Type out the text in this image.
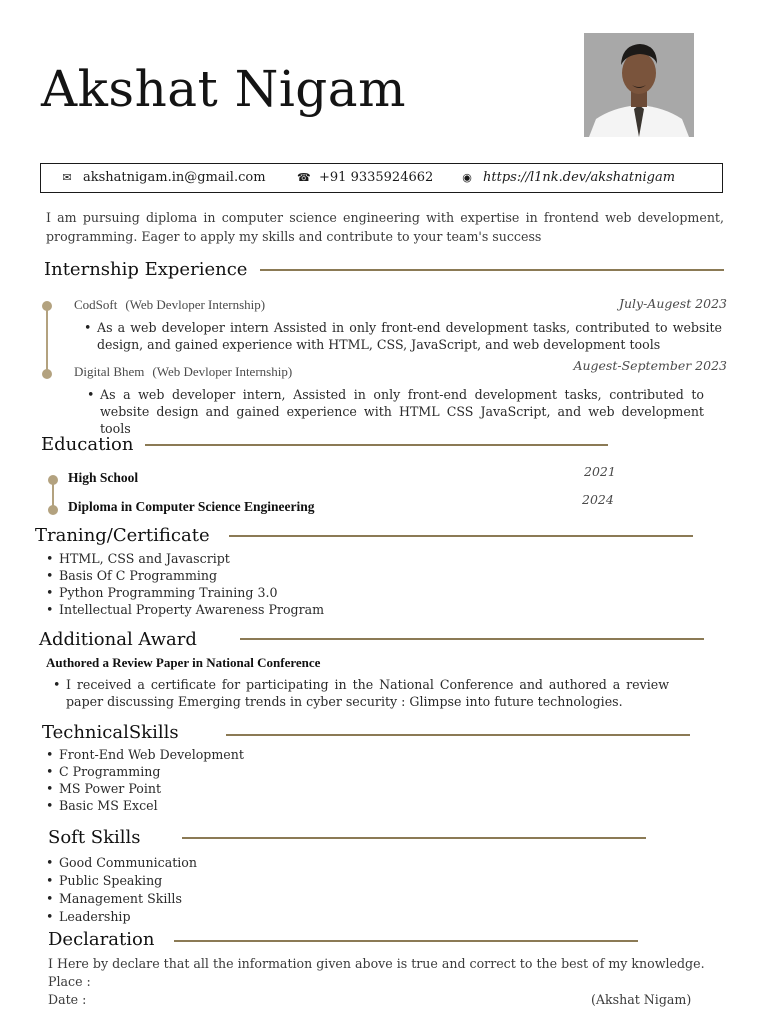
Akshat Nigam
✉ akshatnigam.in@gmail.com	☎ +91 9335924662	◉ https://l1nk.dev/akshatnigam
I am pursuing diploma in computer science engineering with expertise in frontend web development, programming. Eager to apply my skills and contribute to your team's success
Internship Experience
CodSoft (Web Devloper Internship)	July-Augest 2023
• As a web developer intern Assisted in only front-end development tasks, contributed to website design, and gained experience with HTML, CSS, JavaScript, and web development tools
Digital Bhem (Web Devloper Internship)	Augest-September 2023
• As a web developer intern, Assisted in only front-end development tasks, contributed to website design and gained experience with HTML CSS JavaScript, and web development tools
Education
High School	2021
Diploma in Computer Science Engineering	2024
Traning/Certificate
• HTML, CSS and Javascript
• Basis Of C Programming
• Python Programming Training 3.0
• Intellectual Property Awareness Program
Additional Award
Authored a Review Paper in National Conference
• I received a certificate for participating in the National Conference and authored a review paper discussing Emerging trends in cyber security : Glimpse into future technologies.
TechnicalSkills
• Front-End Web Development
• C Programming
• MS Power Point
• Basic MS Excel
Soft Skills
• Good Communication
• Public Speaking
• Management Skills
• Leadership
Declaration
I Here by declare that all the information given above is true and correct to the best of my knowledge.
Place :
Date :	(Akshat Nigam)
